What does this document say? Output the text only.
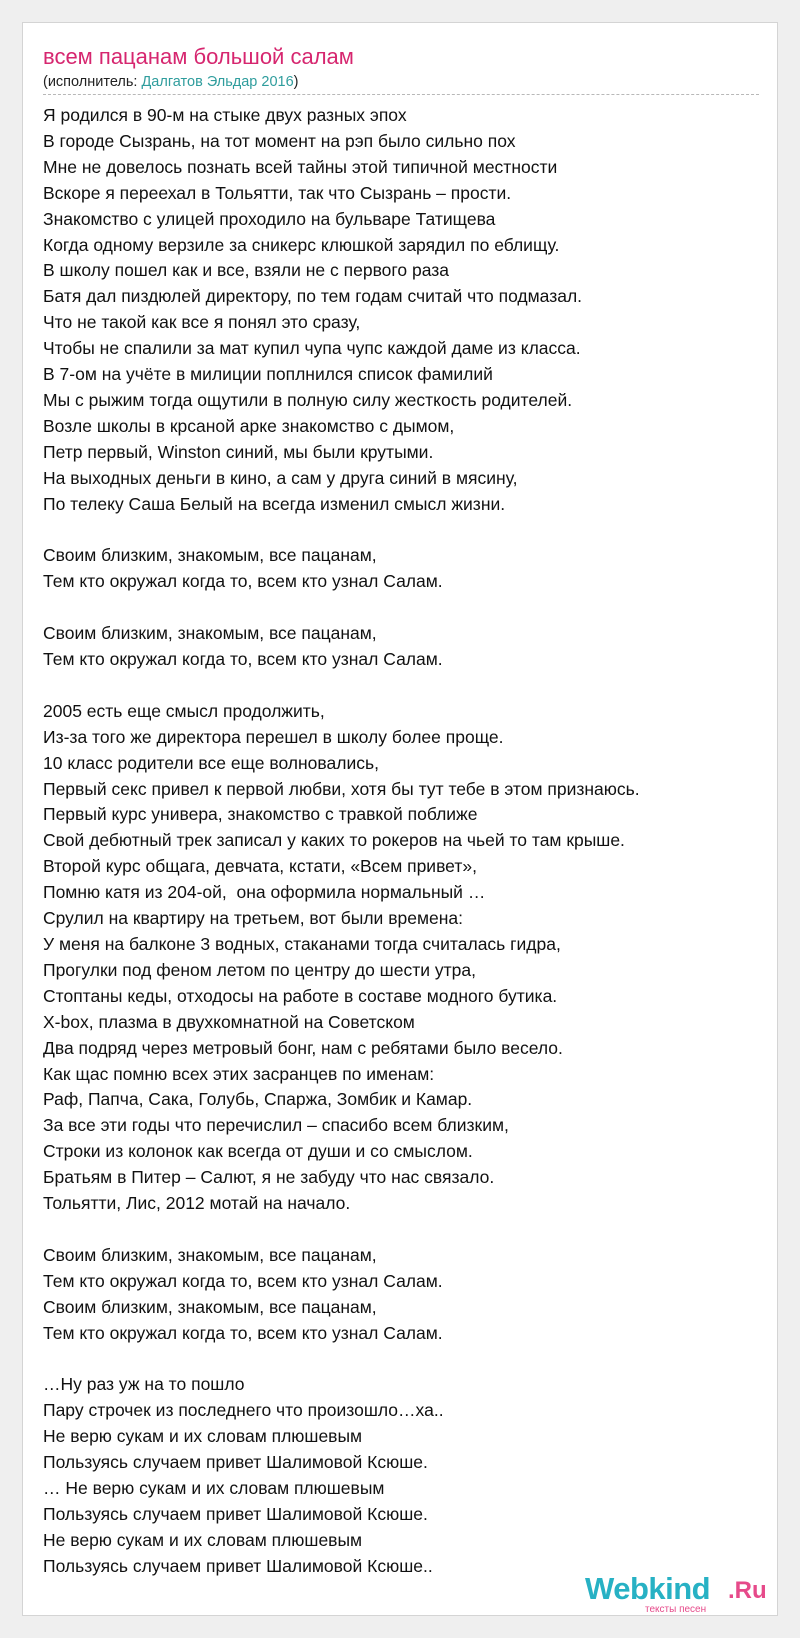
всем пацанам большой салам
(исполнитель: Далгатов Эльдар 2016)
Я родился в 90-м на стыке двух разных эпох
В городе Сызрань, на тот момент на рэп было сильно пох
Мне не довелось познать всей тайны этой типичной местности
Вскоре я переехал в Тольятти, так что Сызрань – прости.
Знакомство с улицей проходило на бульваре Татищева
Когда одному верзиле за сникерс клюшкой зарядил по еблищу.
В школу пошел как и все, взяли не с первого раза
Батя дал пиздюлей директору, по тем годам считай что подмазал.
Что не такой как все я понял это сразу,
Чтобы не спалили за мат купил чупа чупс каждой даме из класса.
В 7-ом на учёте в милиции поплнился список фамилий
Мы с рыжим тогда ощутили в полную силу жесткость родителей.
Возле школы в крсаной арке знакомство с дымом,
Петр первый, Winston синий, мы были крутыми.
На выходных деньги в кино, а сам у друга синий в мясину,
По телеку Саша Белый на всегда изменил смысл жизни.

Своим близким, знакомым, все пацанам,
Тем кто окружал когда то, всем кто узнал Салам.

Своим близким, знакомым, все пацанам,
Тем кто окружал когда то, всем кто узнал Салам.

2005 есть еще смысл продолжить,
Из-за того же директора перешел в школу более проще.
10 класс родители все еще волновались,
Первый секс привел к первой любви, хотя бы тут тебе в этом признаюсь.
Первый курс универа, знакомство с травкой поближе
Свой дебютный трек записал у каких то рокеров на чьей то там крыше.
Второй курс общага, девчата, кстати, «Всем привет»,
Помню катя из 204-ой,  она оформила нормальный …
Срулил на квартиру на третьем, вот были времена:
У меня на балконе 3 водных, стаканами тогда считалась гидра,
Прогулки под феном летом по центру до шести утра,
Стоптаны кеды, отходосы на работе в составе модного бутика.
X-box, плазма в двухкомнатной на Советском
Два подряд через метровый бонг, нам с ребятами было весело.
Как щас помню всех этих засранцев по именам:
Раф, Папча, Сака, Голубь, Спаржа, Зомбик и Камар.
За все эти годы что перечислил – спасибо всем близким,
Строки из колонок как всегда от души и со смыслом.
Братьям в Питер – Салют, я не забуду что нас связало.
Тольятти, Лис, 2012 мотай на начало.

Своим близким, знакомым, все пацанам,
Тем кто окружал когда то, всем кто узнал Салам.
Своим близким, знакомым, все пацанам,
Тем кто окружал когда то, всем кто узнал Салам.

…Ну раз уж на то пошло
Пару строчек из последнего что произошло…ха..
Не верю сукам и их словам плюшевым
Пользуясь случаем привет Шалимовой Ксюше.
… Не верю сукам и их словам плюшевым
Пользуясь случаем привет Шалимовой Ксюше.
Не верю сукам и их словам плюшевым
Пользуясь случаем привет Шалимовой Ксюше..
Webkind .Ru
тексты песен
